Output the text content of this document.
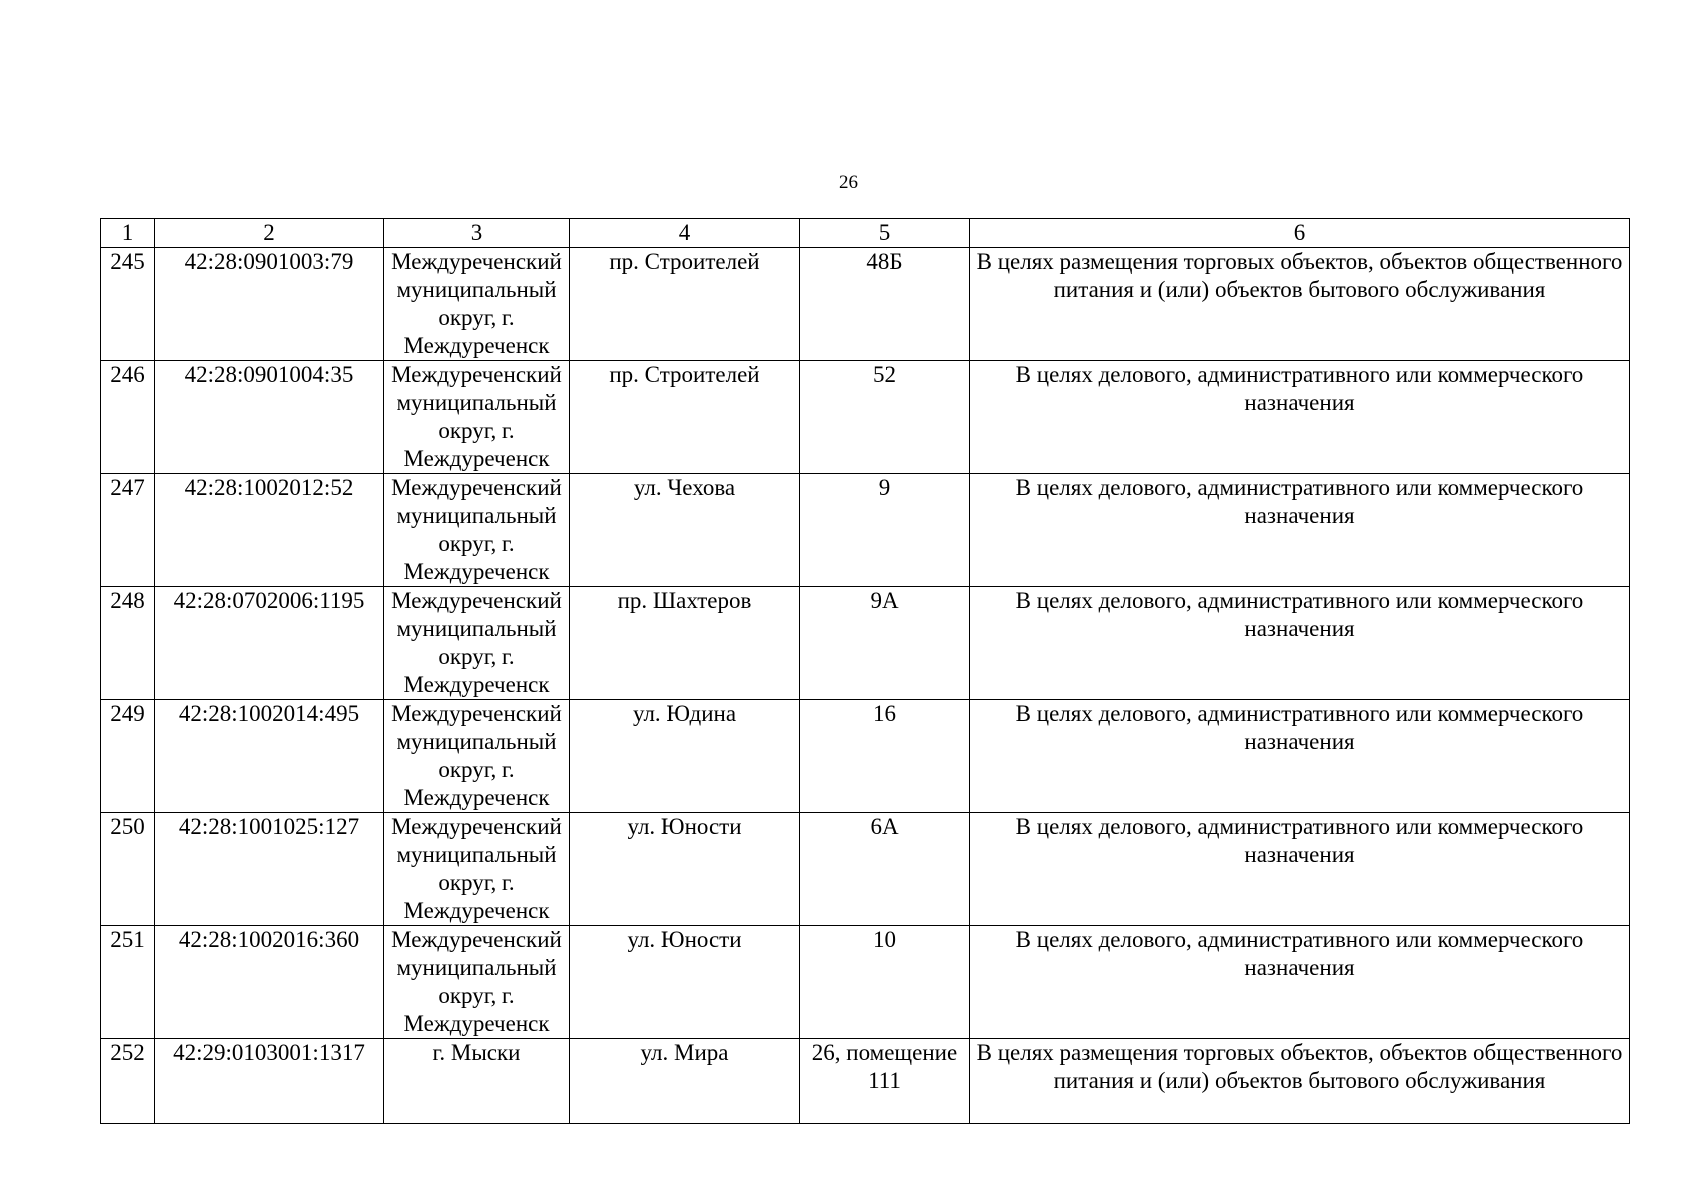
26
1	2	3	4	5	6
245	42:28:0901003:79	Междуреченский муниципальный округ, г. Междуреченск	пр. Строителей	48Б	В целях размещения торговых объектов, объектов общественного питания и (или) объектов бытового обслуживания
246	42:28:0901004:35	Междуреченский муниципальный округ, г. Междуреченск	пр. Строителей	52	В целях делового, административного или коммерческого назначения
247	42:28:1002012:52	Междуреченский муниципальный округ, г. Междуреченск	ул. Чехова	9	В целях делового, административного или коммерческого назначения
248	42:28:0702006:1195	Междуреченский муниципальный округ, г. Междуреченск	пр. Шахтеров	9А	В целях делового, административного или коммерческого назначения
249	42:28:1002014:495	Междуреченский муниципальный округ, г. Междуреченск	ул. Юдина	16	В целях делового, административного или коммерческого назначения
250	42:28:1001025:127	Междуреченский муниципальный округ, г. Междуреченск	ул. Юности	6А	В целях делового, административного или коммерческого назначения
251	42:28:1002016:360	Междуреченский муниципальный округ, г. Междуреченск	ул. Юности	10	В целях делового, административного или коммерческого назначения
252	42:29:0103001:1317	г. Мыски	ул. Мира	26, помещение 111	В целях размещения торговых объектов, объектов общественного питания и (или) объектов бытового обслуживания
